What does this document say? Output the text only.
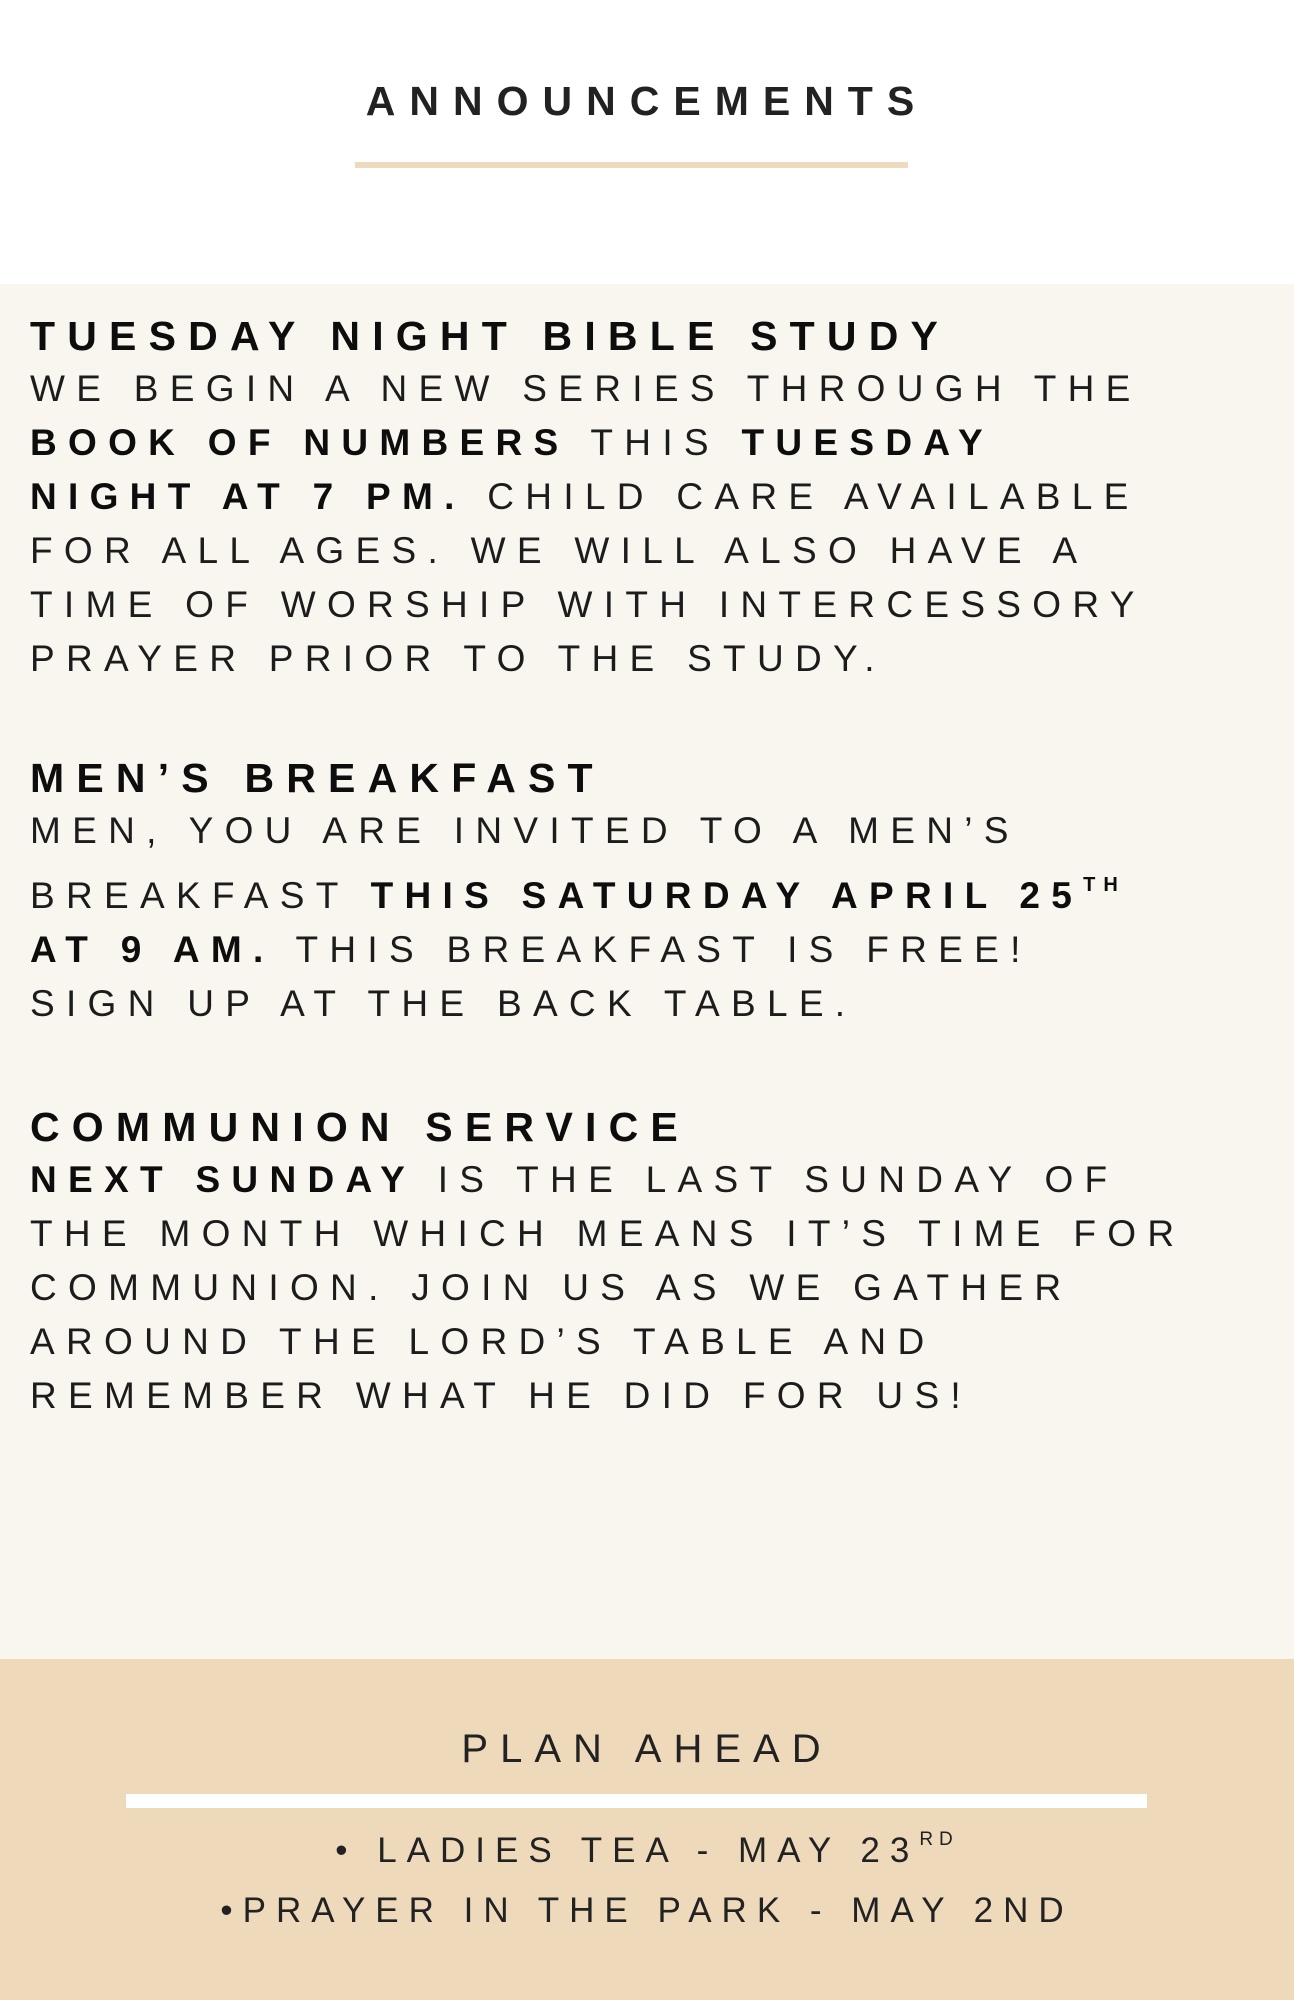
ANNOUNCEMENTS
TUESDAY NIGHT BIBLE STUDY
WE BEGIN A NEW SERIES THROUGH THE
BOOK OF NUMBERS THIS TUESDAY
NIGHT AT 7 PM. CHILD CARE AVAILABLE
FOR ALL AGES. WE WILL ALSO HAVE A
TIME OF WORSHIP WITH INTERCESSORY
PRAYER PRIOR TO THE STUDY.
MEN’S BREAKFAST
MEN, YOU ARE INVITED TO A MEN’S
BREAKFAST THIS SATURDAY APRIL 25TH
AT 9 AM. THIS BREAKFAST IS FREE!
SIGN UP AT THE BACK TABLE.
COMMUNION SERVICE
NEXT SUNDAY IS THE LAST SUNDAY OF
THE MONTH WHICH MEANS IT’S TIME FOR
COMMUNION. JOIN US AS WE GATHER
AROUND THE LORD’S TABLE AND
REMEMBER WHAT HE DID FOR US!
PLAN AHEAD
• LADIES TEA - MAY 23RD
•PRAYER IN THE PARK - MAY 2ND
